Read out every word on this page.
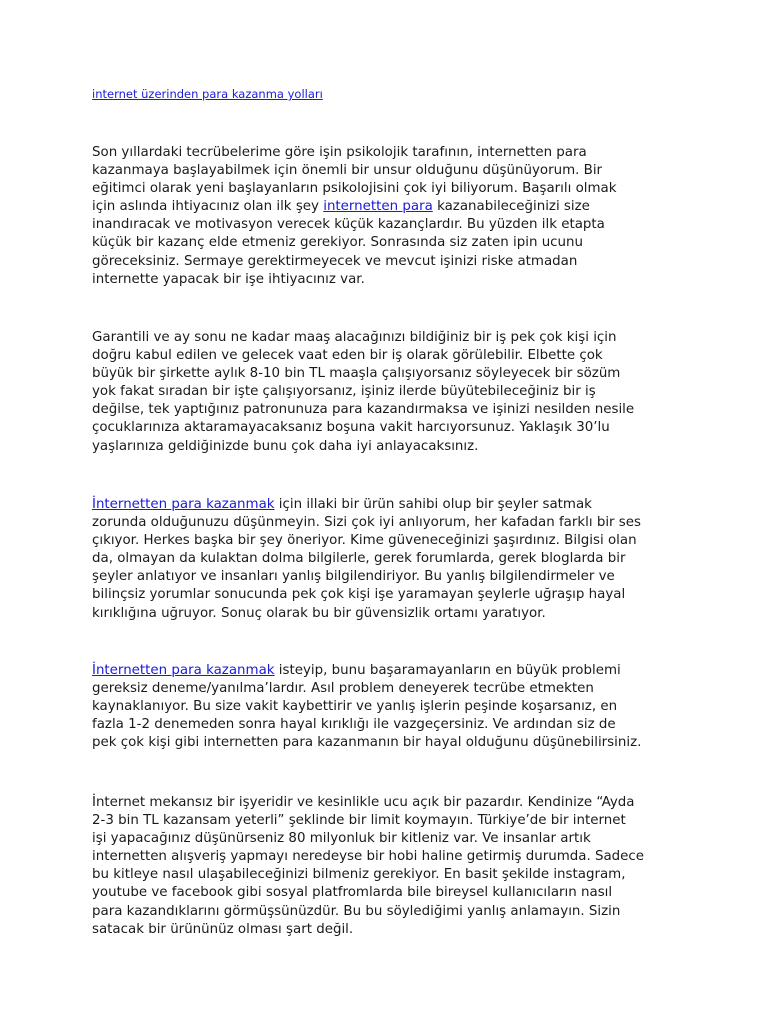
internet üzerinden para kazanma yolları

Son yıllardaki tecrübelerime göre işin psikolojik tarafının, internetten para
kazanmaya başlayabilmek için önemli bir unsur olduğunu düşünüyorum. Bir
eğitimci olarak yeni başlayanların psikolojisini çok iyi biliyorum. Başarılı olmak
için aslında ihtiyacınız olan ilk şey internetten para kazanabileceğinizi size
inandıracak ve motivasyon verecek küçük kazançlardır. Bu yüzden ilk etapta
küçük bir kazanç elde etmeniz gerekiyor. Sonrasında siz zaten ipin ucunu
göreceksiniz. Sermaye gerektirmeyecek ve mevcut işinizi riske atmadan
internette yapacak bir işe ihtiyacınız var.

Garantili ve ay sonu ne kadar maaş alacağınızı bildiğiniz bir iş pek çok kişi için
doğru kabul edilen ve gelecek vaat eden bir iş olarak görülebilir. Elbette çok
büyük bir şirkette aylık 8-10 bin TL maaşla çalışıyorsanız söyleyecek bir sözüm
yok fakat sıradan bir işte çalışıyorsanız, işiniz ilerde büyütebileceğiniz bir iş
değilse, tek yaptığınız patronunuza para kazandırmaksa ve işinizi nesilden nesile
çocuklarınıza aktaramayacaksanız boşuna vakit harcıyorsunuz. Yaklaşık 30’lu
yaşlarınıza geldiğinizde bunu çok daha iyi anlayacaksınız.

İnternetten para kazanmak için illaki bir ürün sahibi olup bir şeyler satmak
zorunda olduğunuzu düşünmeyin. Sizi çok iyi anlıyorum, her kafadan farklı bir ses
çıkıyor. Herkes başka bir şey öneriyor. Kime güveneceğinizi şaşırdınız. Bilgisi olan
da, olmayan da kulaktan dolma bilgilerle, gerek forumlarda, gerek bloglarda bir
şeyler anlatıyor ve insanları yanlış bilgilendiriyor. Bu yanlış bilgilendirmeler ve
bilinçsiz yorumlar sonucunda pek çok kişi işe yaramayan şeylerle uğraşıp hayal
kırıklığına uğruyor. Sonuç olarak bu bir güvensizlik ortamı yaratıyor.

İnternetten para kazanmak isteyip, bunu başaramayanların en büyük problemi
gereksiz deneme/yanılma’lardır. Asıl problem deneyerek tecrübe etmekten
kaynaklanıyor. Bu size vakit kaybettirir ve yanlış işlerin peşinde koşarsanız, en
fazla 1-2 denemeden sonra hayal kırıklığı ile vazgeçersiniz. Ve ardından siz de
pek çok kişi gibi internetten para kazanmanın bir hayal olduğunu düşünebilirsiniz.

İnternet mekansız bir işyeridir ve kesinlikle ucu açık bir pazardır. Kendinize “Ayda
2-3 bin TL kazansam yeterli” şeklinde bir limit koymayın. Türkiye’de bir internet
işi yapacağınız düşünürseniz 80 milyonluk bir kitleniz var. Ve insanlar artık
internetten alışveriş yapmayı neredeyse bir hobi haline getirmiş durumda. Sadece
bu kitleye nasıl ulaşabileceğinizi bilmeniz gerekiyor. En basit şekilde instagram,
youtube ve facebook gibi sosyal platfromlarda bile bireysel kullanıcıların nasıl
para kazandıklarını görmüşsünüzdür. Bu bu söylediğimi yanlış anlamayın. Sizin
satacak bir ürününüz olması şart değil.
